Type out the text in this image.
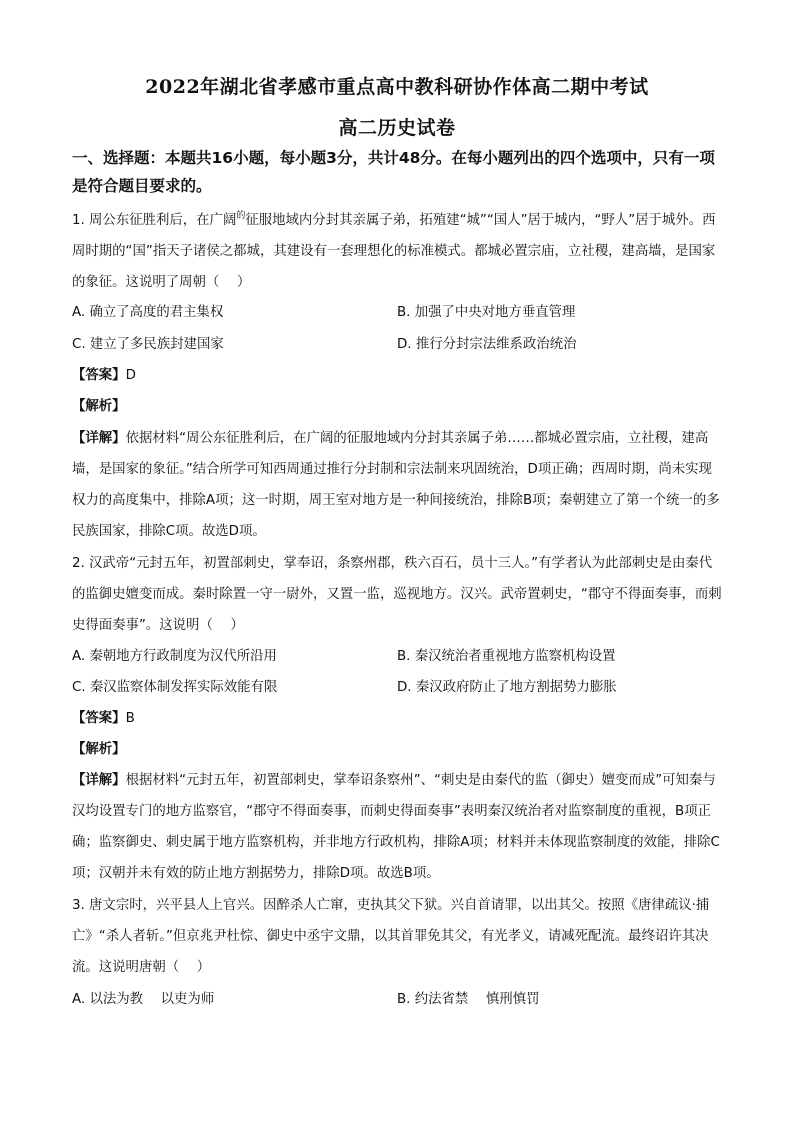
2022年湖北省孝感市重点高中教科研协作体高二期中考试
高二历史试卷

一、选择题：本题共16小题，每小题3分，共计48分。在每小题列出的四个选项中，只有一项是符合题目要求的。

1. 周公东征胜利后，在广阔$^的$征服地域内分封其亲属子弟，拓殖建“城”“国人”居于城内，“野人”居于城外。西周时期的“国”指天子诸侯之都城，其建设有一套理想化的标准模式。都城必置宗庙，立社稷，建高墙，是国家的象征。这说明了周朝（　 ）

A. 确立了高度的君主集权	B. 加强了中央对地方垂直管理
C. 建立了多民族封建国家	D. 推行分封宗法维系政治统治
【答案】D
【解析】

【详解】依据材料“周公东征胜利后，在广阔的征服地域内分封其亲属子弟……都城必置宗庙，立社稷，建高墙，是国家的象征。”结合所学可知西周通过推行分封制和宗法制来巩固统治，D项正确；西周时期，尚未实现权力的高度集中，排除A项；这一时期，周王室对地方是一种间接统治，排除B项；秦朝建立了第一个统一的多民族国家，排除C项。故选D项。

2. 汉武帝“元封五年，初置部刺史，掌奉诏，条察州郡，秩六百石，员十三人。”有学者认为此部刺史是由秦代的监御史嬗变而成。秦时除置一守一尉外，又置一监，巡视地方。汉兴。武帝置刺史，“郡守不得面奏事，而刺史得面奏事”。这说明（　 ）

A. 秦朝地方行政制度为汉代所沿用	B. 秦汉统治者重视地方监察机构设置
C. 秦汉监察体制发挥实际效能有限	D. 秦汉政府防止了地方割据势力膨胀
【答案】B
【解析】

【详解】根据材料“元封五年，初置部刺史，掌奉诏条察州”、“刺史是由秦代的监（御史）嬗变而成”可知秦与汉均设置专门的地方监察官，“郡守不得面奏事，而刺史得面奏事”表明秦汉统治者对监察制度的重视，B项正确；监察御史、刺史属于地方监察机构，并非地方行政机构，排除A项；材料并未体现监察制度的效能，排除C项；汉朝并未有效的防止地方割据势力，排除D项。故选B项。

3. 唐文宗时，兴平县人上官兴。因醉杀人亡窜，吏执其父下狱。兴自首请罪，以出其父。按照《唐律疏议·捕亡》“杀人者斩。”但京兆尹杜悰、御史中丞宇文鼎，以其首罪免其父，有光孝义，请减死配流。最终诏许其决流。这说明唐朝（　 ）

A. 以法为教　 以吏为师	B. 约法省禁　 慎刑慎罚
